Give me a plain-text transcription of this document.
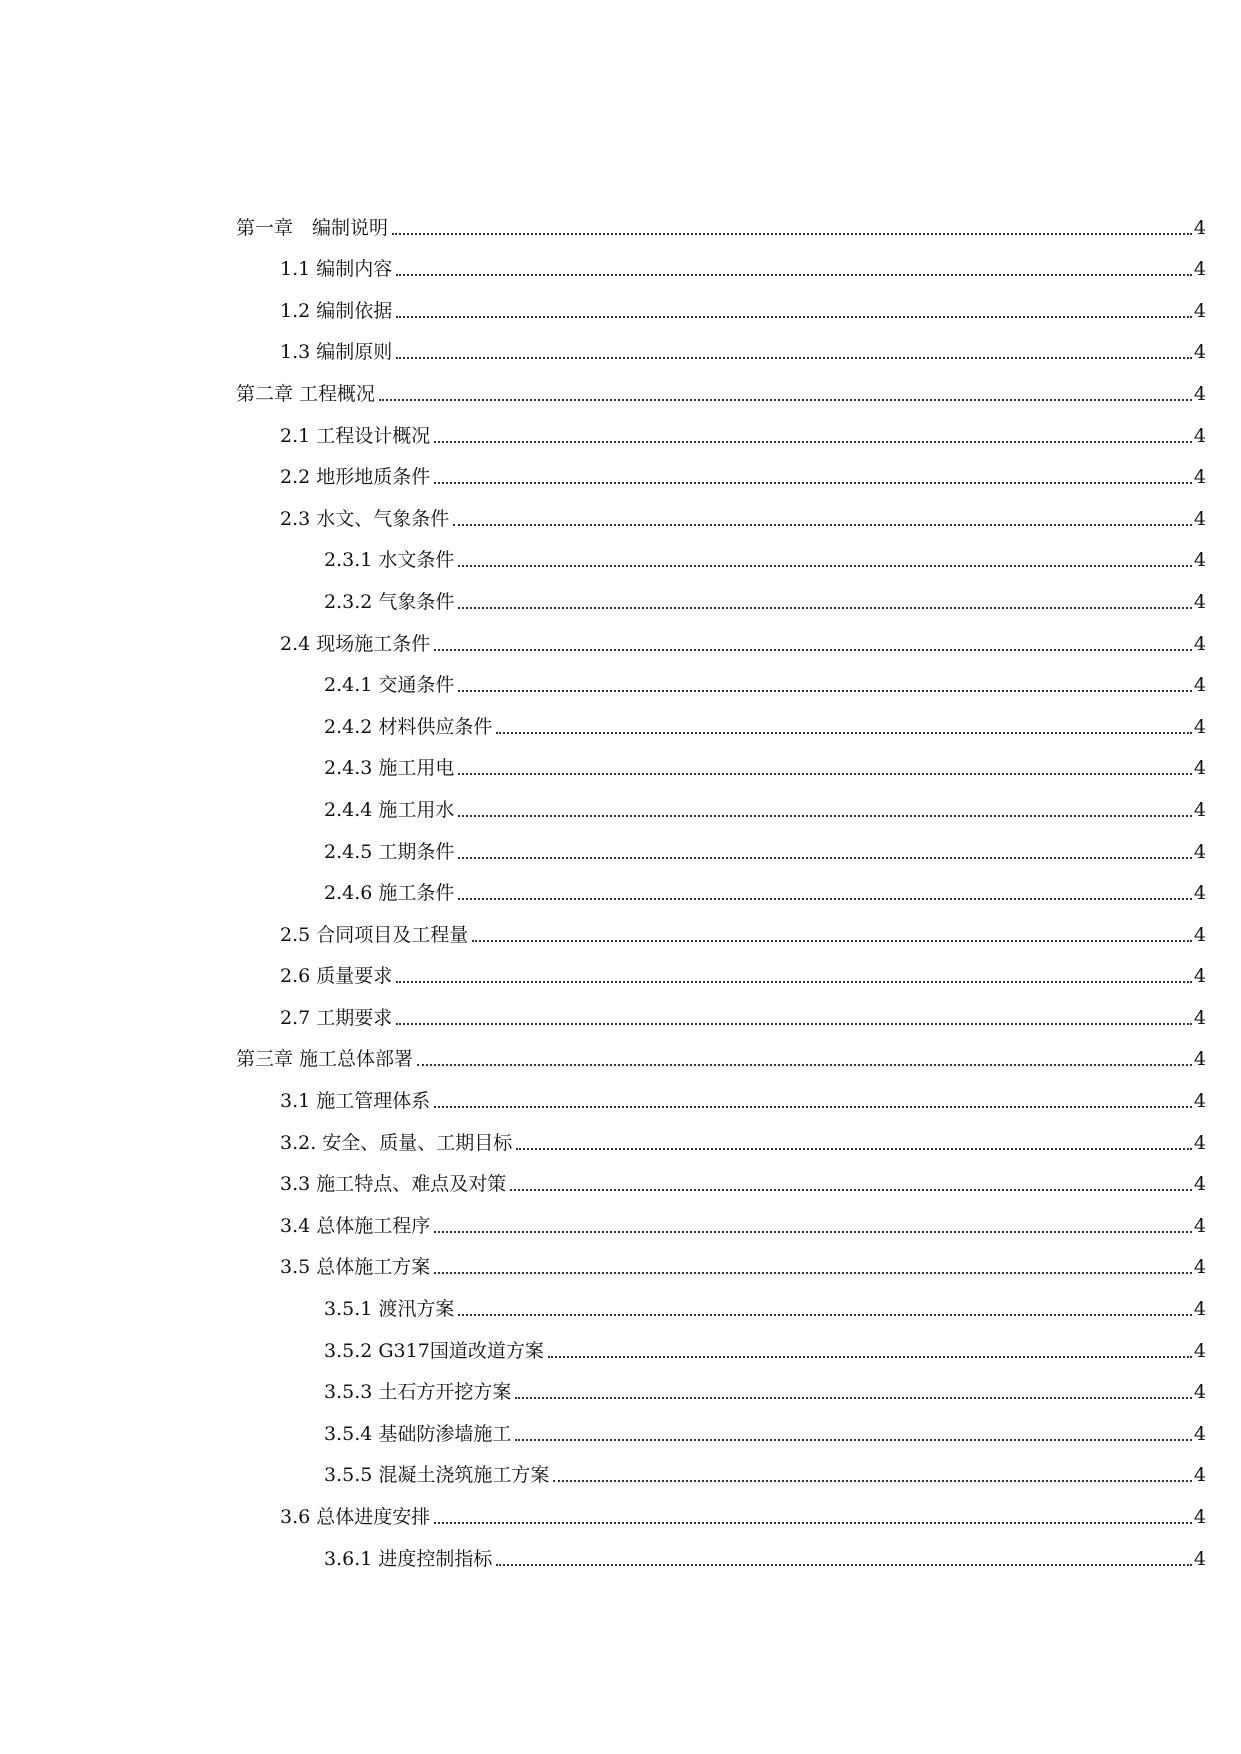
第一章　编制说明	4
1.1 编制内容	4
1.2 编制依据	4
1.3 编制原则	4
第二章 工程概况	4
2.1 工程设计概况	4
2.2 地形地质条件	4
2.3 水文、气象条件	4
2.3.1 水文条件	4
2.3.2 气象条件	4
2.4 现场施工条件	4
2.4.1 交通条件	4
2.4.2 材料供应条件	4
2.4.3 施工用电	4
2.4.4 施工用水	4
2.4.5 工期条件	4
2.4.6 施工条件	4
2.5 合同项目及工程量	4
2.6 质量要求	4
2.7 工期要求	4
第三章 施工总体部署	4
3.1 施工管理体系	4
3.2. 安全、质量、工期目标	4
3.3 施工特点、难点及对策	4
3.4 总体施工程序	4
3.5 总体施工方案	4
3.5.1 渡汛方案	4
3.5.2 G317国道改道方案	4
3.5.3 土石方开挖方案	4
3.5.4 基础防渗墙施工	4
3.5.5 混凝土浇筑施工方案	4
3.6 总体进度安排	4
3.6.1 进度控制指标	4
